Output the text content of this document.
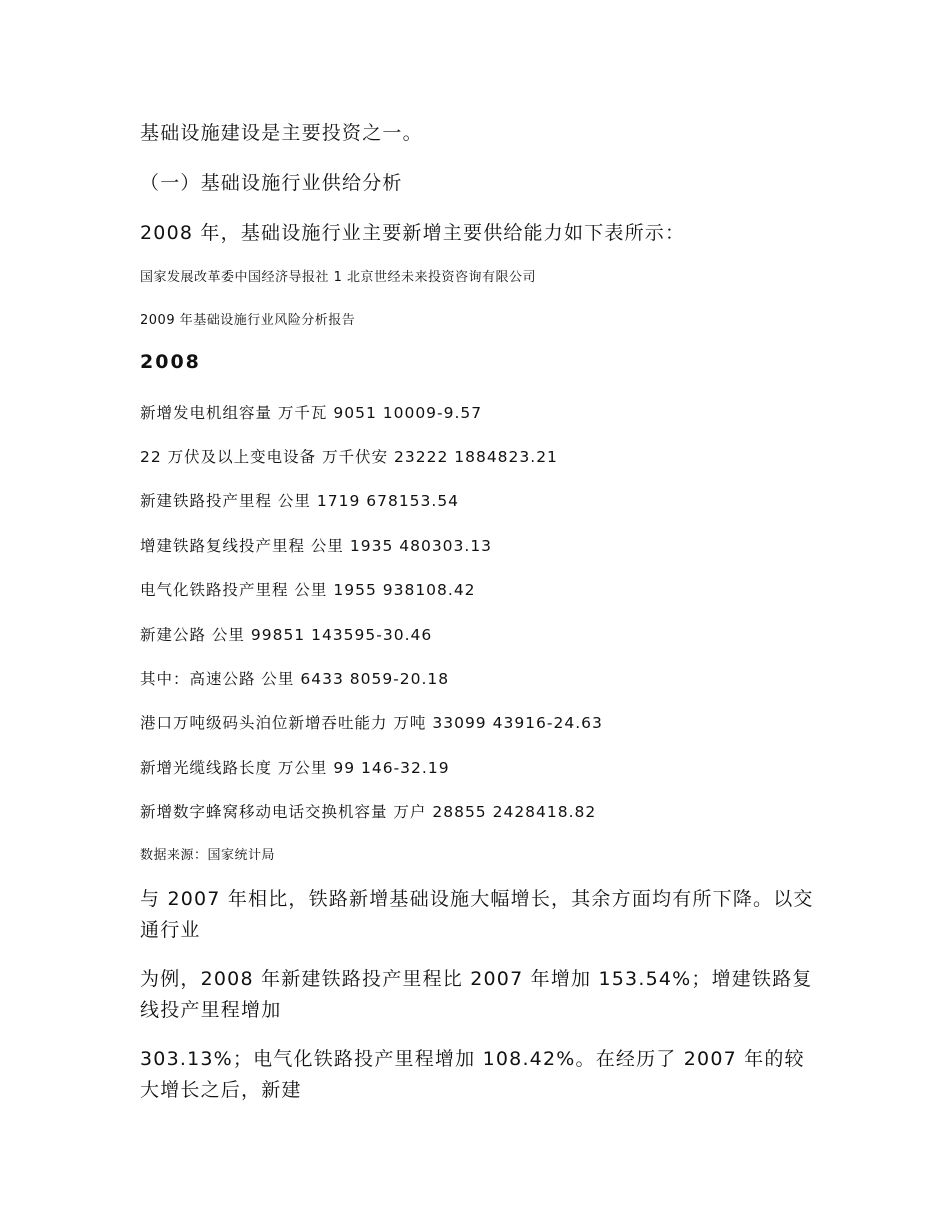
基础设施建设是主要投资之一。

（一）基础设施行业供给分析

2008 年，基础设施行业主要新增主要供给能力如下表所示：

国家发展改革委中国经济导报社 1 北京世经未来投资咨询有限公司

2009 年基础设施行业风险分析报告

2008

新增发电机组容量 万千瓦 9051 10009-9.57

22 万伏及以上变电设备 万千伏安 23222 1884823.21

新建铁路投产里程 公里 1719 678153.54

增建铁路复线投产里程 公里 1935 480303.13

电气化铁路投产里程 公里 1955 938108.42

新建公路 公里 99851 143595-30.46

其中：高速公路 公里 6433 8059-20.18

港口万吨级码头泊位新增吞吐能力 万吨 33099 43916-24.63

新增光缆线路长度 万公里 99 146-32.19

新增数字蜂窝移动电话交换机容量 万户 28855 2428418.82

数据来源：国家统计局

与 2007 年相比，铁路新增基础设施大幅增长，其余方面均有所下降。以交通行业

为例，2008 年新建铁路投产里程比 2007 年增加 153.54%；增建铁路复线投产里程增加

303.13%；电气化铁路投产里程增加 108.42%。在经历了 2007 年的较大增长之后，新建
